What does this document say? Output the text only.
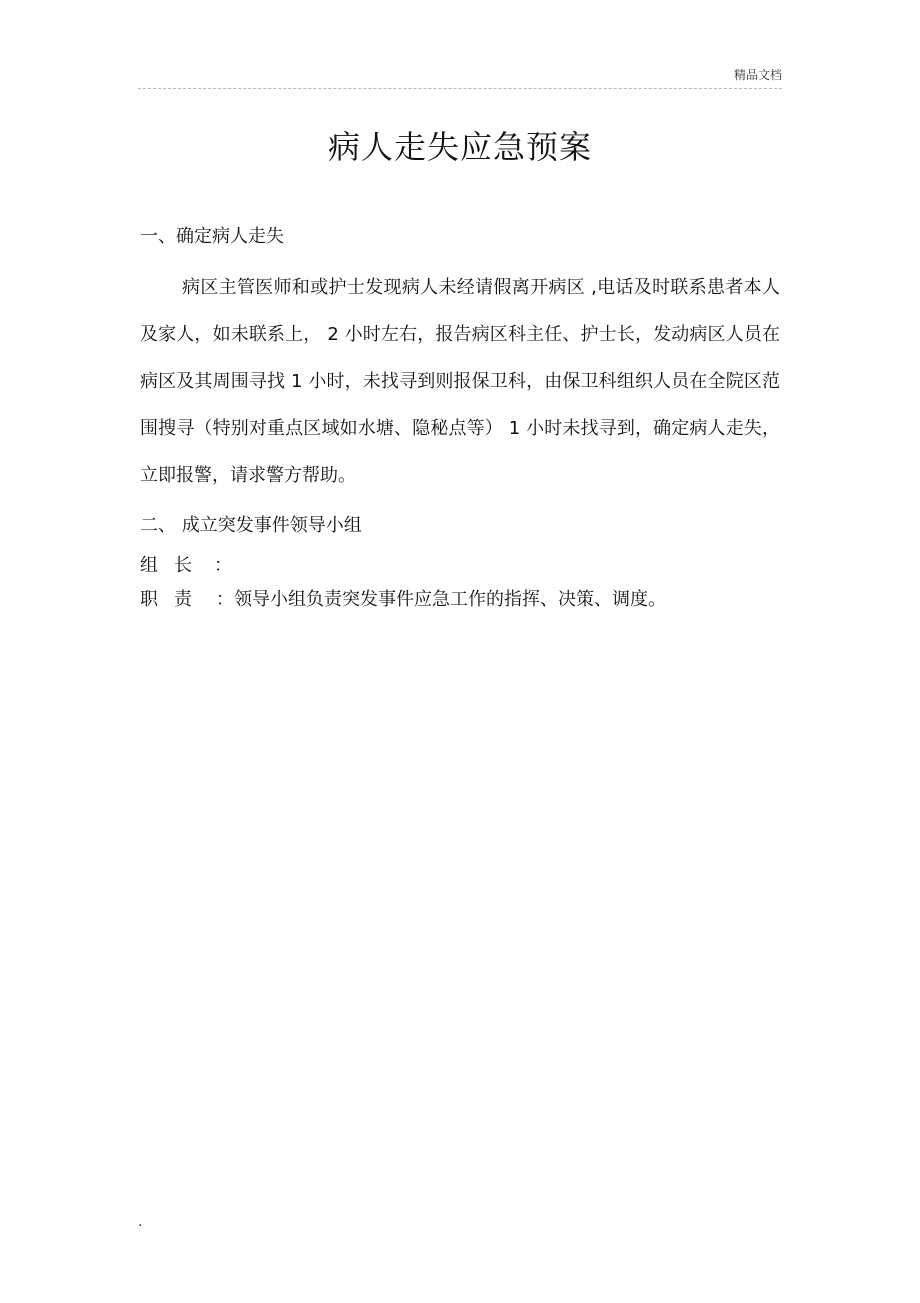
精品文档
病人走失应急预案

一、确定病人走失

病区主管医师和或护士发现病人未经请假离开病区 ,电话及时联系患者本人及家人，如未联系上， 2 小时左右，报告病区科主任、护士长，发动病区人员在病区及其周围寻找 1 小时，未找寻到则报保卫科，由保卫科组织人员在全院区范围搜寻（特别对重点区域如水塘、隐秘点等） 1 小时未找寻到，确定病人走失，立即报警，请求警方帮助。

二、 成立突发事件领导小组

组长 ：

职责 ：领导小组负责突发事件应急工作的指挥、决策、调度。

.
